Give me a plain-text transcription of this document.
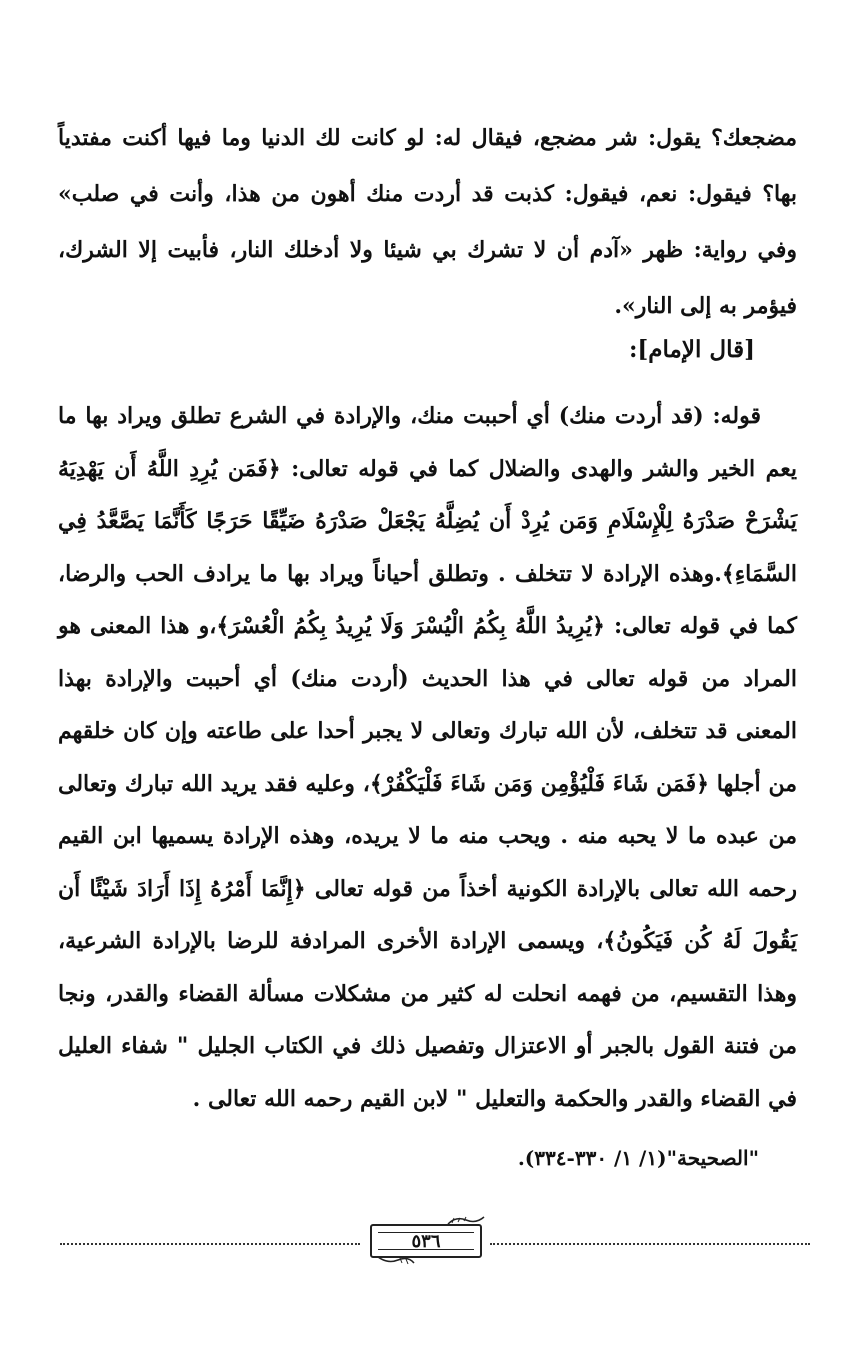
مضجعك؟ يقول: شر مضجع، فيقال له: لو كانت لك الدنيا وما فيها أكنت مفتدياً بها؟ فيقول: نعم، فيقول: كذبت قد أردت منك أهون من هذا، وأنت في صلب» وفي رواية: ظهر «آدم أن لا تشرك بي شيئا ولا أدخلك النار، فأبيت إلا الشرك، فيؤمر به إلى النار».
[قال الإمام]:
قوله: (قد أردت منك) أي أحببت منك، والإرادة في الشرع تطلق ويراد بها ما يعم الخير والشر والهدى والضلال كما في قوله تعالى: ﴿فَمَن يُرِدِ اللَّهُ أَن يَهْدِيَهُ يَشْرَحْ صَدْرَهُ لِلْإِسْلَامِ وَمَن يُرِدْ أَن يُضِلَّهُ يَجْعَلْ صَدْرَهُ ضَيِّقًا حَرَجًا كَأَنَّمَا يَصَّعَّدُ فِي السَّمَاءِ﴾.وهذه الإرادة لا تتخلف . وتطلق أحياناً ويراد بها ما يرادف الحب والرضا، كما في قوله تعالى: ﴿يُرِيدُ اللَّهُ بِكُمُ الْيُسْرَ وَلَا يُرِيدُ بِكُمُ الْعُسْرَ﴾،و هذا المعنى هو المراد من قوله تعالى في هذا الحديث (أردت منك) أي أحببت والإرادة بهذا المعنى قد تتخلف، لأن الله تبارك وتعالى لا يجبر أحدا على طاعته وإن كان خلقهم من أجلها ﴿فَمَن شَاءَ فَلْيُؤْمِن وَمَن شَاءَ فَلْيَكْفُرْ﴾، وعليه فقد يريد الله تبارك وتعالى من عبده ما لا يحبه منه . ويحب منه ما لا يريده، وهذه الإرادة يسميها ابن القيم رحمه الله تعالى بالإرادة الكونية أخذاً من قوله تعالى ﴿إِنَّمَا أَمْرُهُ إِذَا أَرَادَ شَيْئًا أَن يَقُولَ لَهُ كُن فَيَكُونُ﴾، ويسمى الإرادة الأخرى المرادفة للرضا بالإرادة الشرعية، وهذا التقسيم، من فهمه انحلت له كثير من مشكلات مسألة القضاء والقدر، ونجا من فتنة القول بالجبر أو الاعتزال وتفصيل ذلك في الكتاب الجليل " شفاء العليل في القضاء والقدر والحكمة والتعليل " لابن القيم رحمه الله تعالى .
"الصحيحة"(١/ ١/ ٣٣٠-٣٣٤).
٥٣٦
